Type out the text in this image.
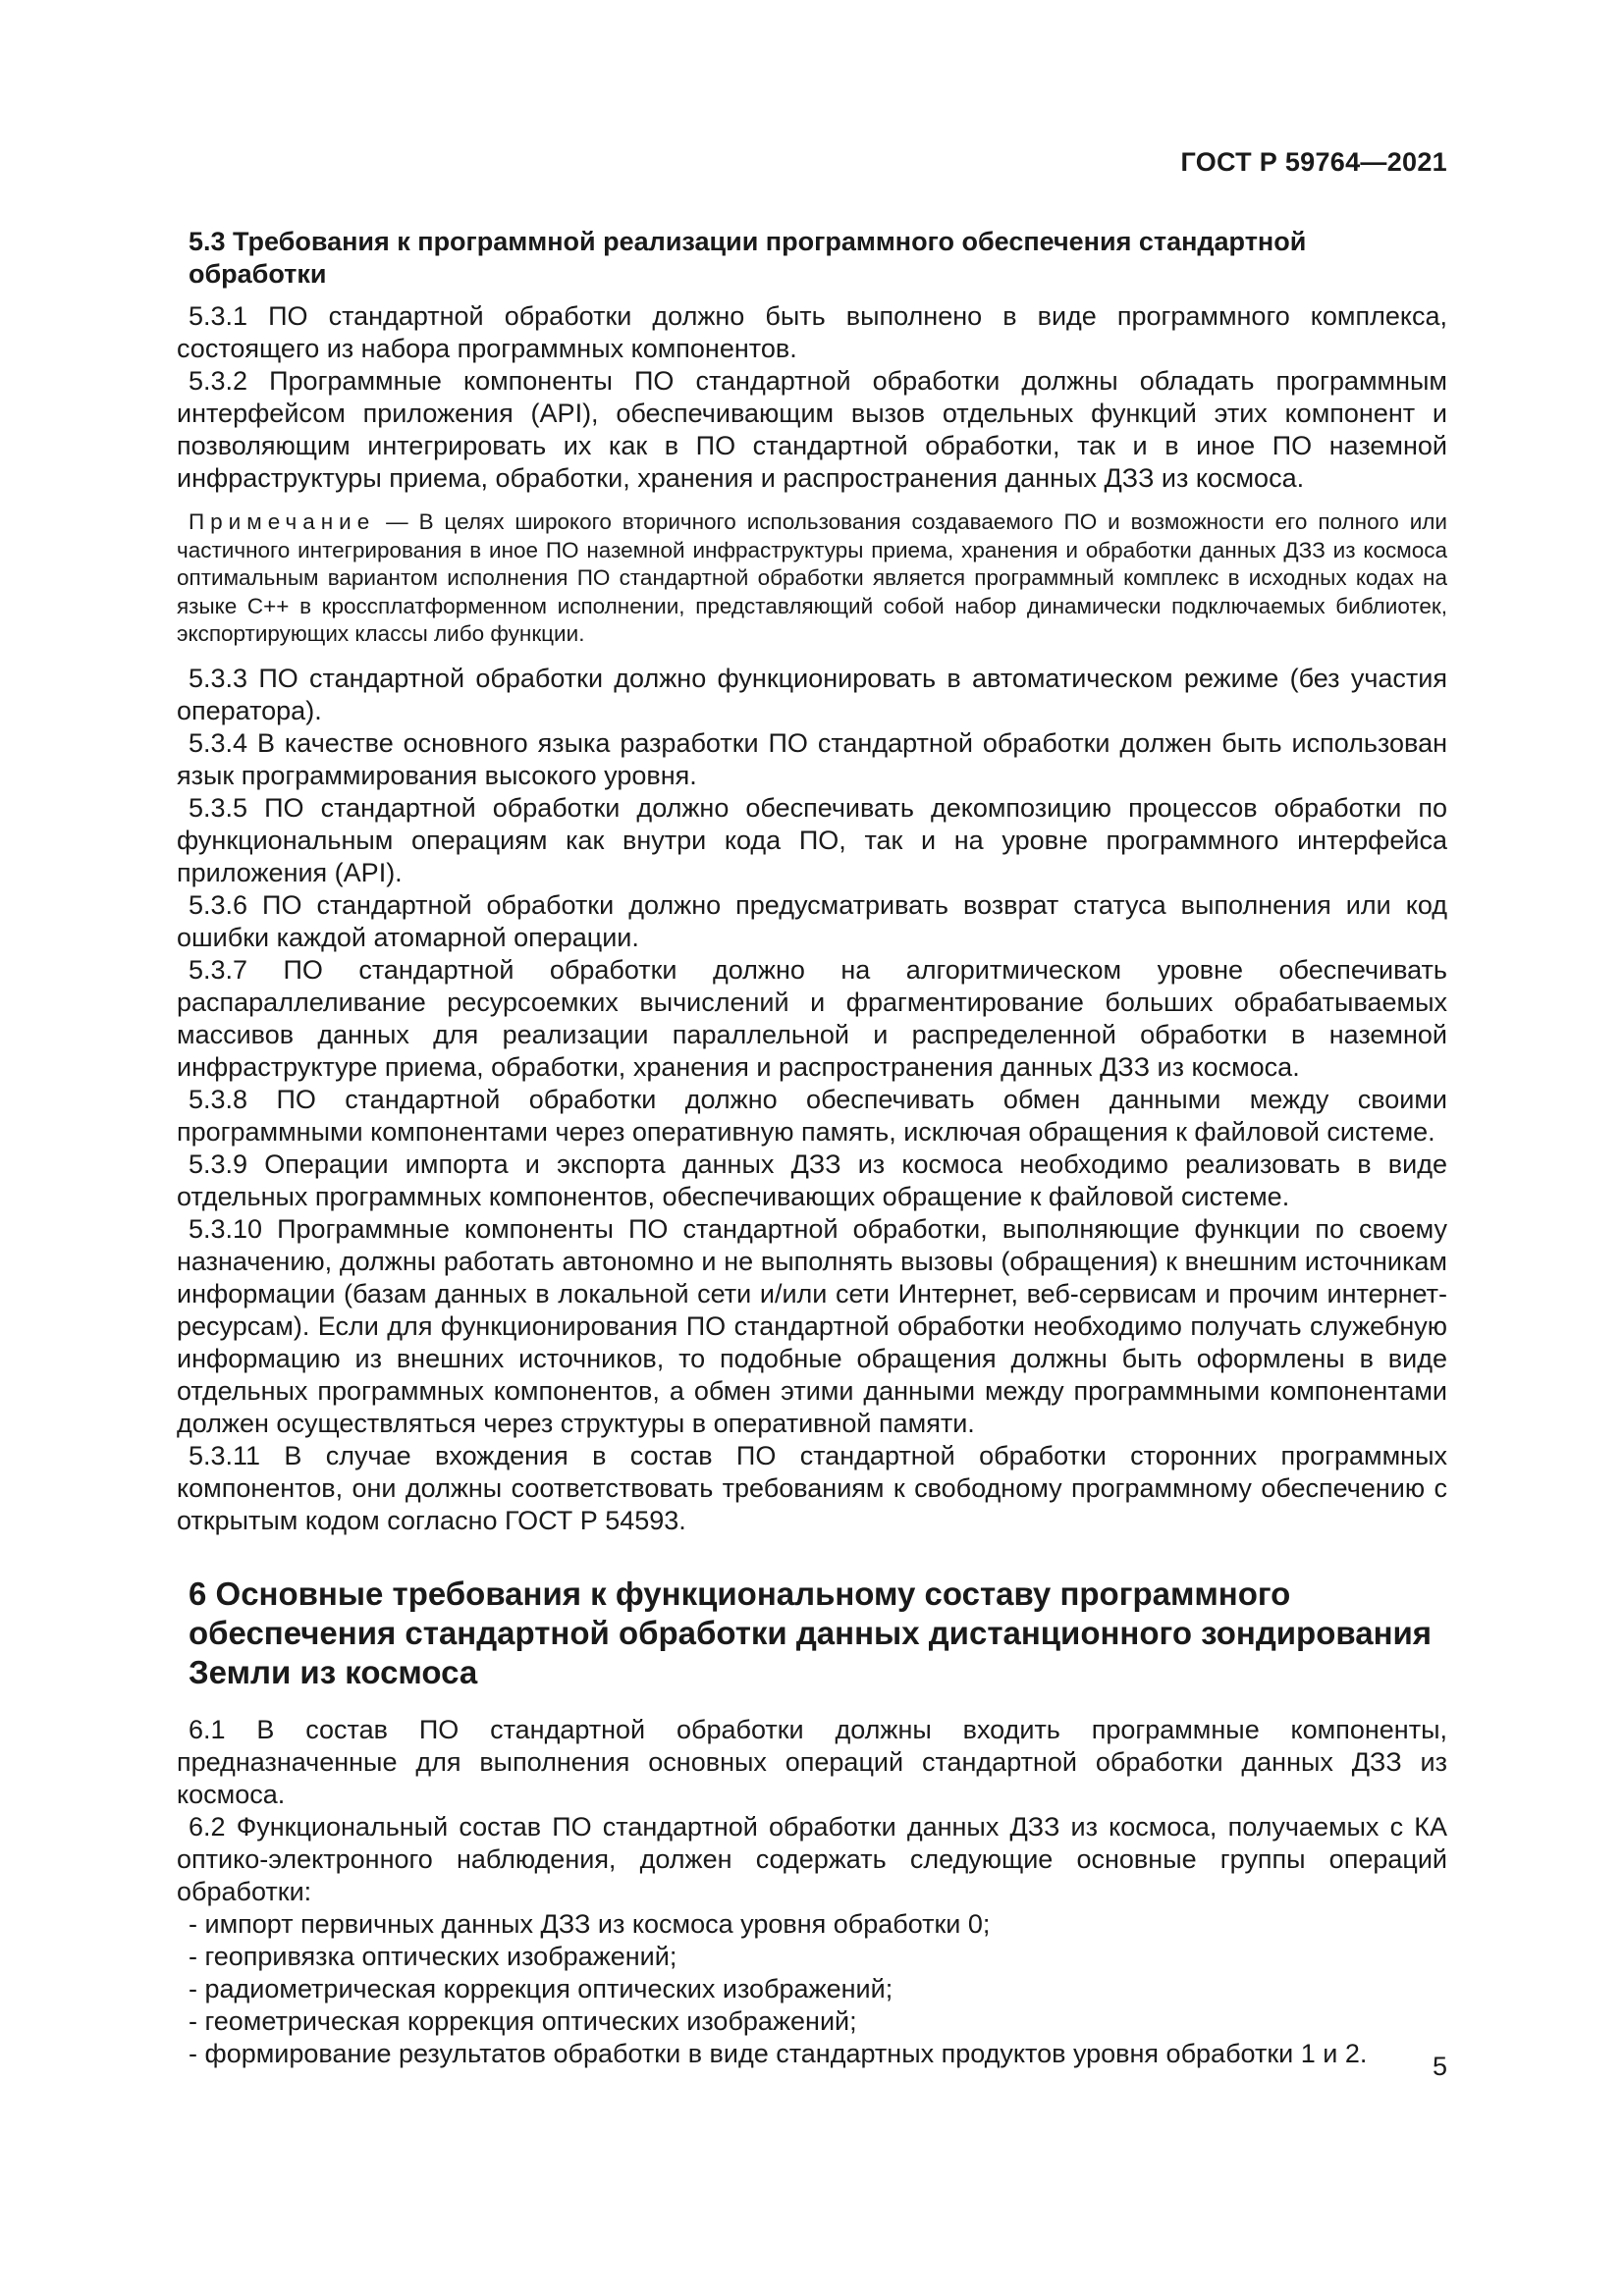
ГОСТ Р 59764—2021
5.3 Требования к программной реализации программного обеспечения стандартной обработки

5.3.1 ПО стандартной обработки должно быть выполнено в виде программного комплекса, состоящего из набора программных компонентов.

5.3.2 Программные компоненты ПО стандартной обработки должны обладать программным интерфейсом приложения (API), обеспечивающим вызов отдельных функций этих компонент и позволяющим интегрировать их как в ПО стандартной обработки, так и в иное ПО наземной инфраструктуры приема, обработки, хранения и распространения данных ДЗЗ из космоса.

Примечание — В целях широкого вторичного использования создаваемого ПО и возможности его полного или частичного интегрирования в иное ПО наземной инфраструктуры приема, хранения и обработки данных ДЗЗ из космоса оптимальным вариантом исполнения ПО стандартной обработки является программный комплекс в исходных кодах на языке С++ в кроссплатформенном исполнении, представляющий собой набор динамически подключаемых библиотек, экспортирующих классы либо функции.

5.3.3 ПО стандартной обработки должно функционировать в автоматическом режиме (без участия оператора).

5.3.4 В качестве основного языка разработки ПО стандартной обработки должен быть использован язык программирования высокого уровня.

5.3.5 ПО стандартной обработки должно обеспечивать декомпозицию процессов обработки по функциональным операциям как внутри кода ПО, так и на уровне программного интерфейса приложения (API).

5.3.6 ПО стандартной обработки должно предусматривать возврат статуса выполнения или код ошибки каждой атомарной операции.

5.3.7 ПО стандартной обработки должно на алгоритмическом уровне обеспечивать распараллеливание ресурсоемких вычислений и фрагментирование больших обрабатываемых массивов данных для реализации параллельной и распределенной обработки в наземной инфраструктуре приема, обработки, хранения и распространения данных ДЗЗ из космоса.

5.3.8 ПО стандартной обработки должно обеспечивать обмен данными между своими программными компонентами через оперативную память, исключая обращения к файловой системе.

5.3.9 Операции импорта и экспорта данных ДЗЗ из космоса необходимо реализовать в виде отдельных программных компонентов, обеспечивающих обращение к файловой системе.

5.3.10 Программные компоненты ПО стандартной обработки, выполняющие функции по своему назначению, должны работать автономно и не выполнять вызовы (обращения) к внешним источникам информации (базам данных в локальной сети и/или сети Интернет, веб-сервисам и прочим интернет-ресурсам). Если для функционирования ПО стандартной обработки необходимо получать служебную информацию из внешних источников, то подобные обращения должны быть оформлены в виде отдельных программных компонентов, а обмен этими данными между программными компонентами должен осуществляться через структуры в оперативной памяти.

5.3.11 В случае вхождения в состав ПО стандартной обработки сторонних программных компонентов, они должны соответствовать требованиям к свободному программному обеспечению с открытым кодом согласно ГОСТ Р 54593.

6 Основные требования к функциональному составу программного обеспечения стандартной обработки данных дистанционного зондирования Земли из космоса

6.1 В состав ПО стандартной обработки должны входить программные компоненты, предназначенные для выполнения основных операций стандартной обработки данных ДЗЗ из космоса.

6.2 Функциональный состав ПО стандартной обработки данных ДЗЗ из космоса, получаемых с КА оптико-электронного наблюдения, должен содержать следующие основные группы операций обработки:

- импорт первичных данных ДЗЗ из космоса уровня обработки 0;
- геопривязка оптических изображений;
- радиометрическая коррекция оптических изображений;
- геометрическая коррекция оптических изображений;
- формирование результатов обработки в виде стандартных продуктов уровня обработки 1 и 2.	5
